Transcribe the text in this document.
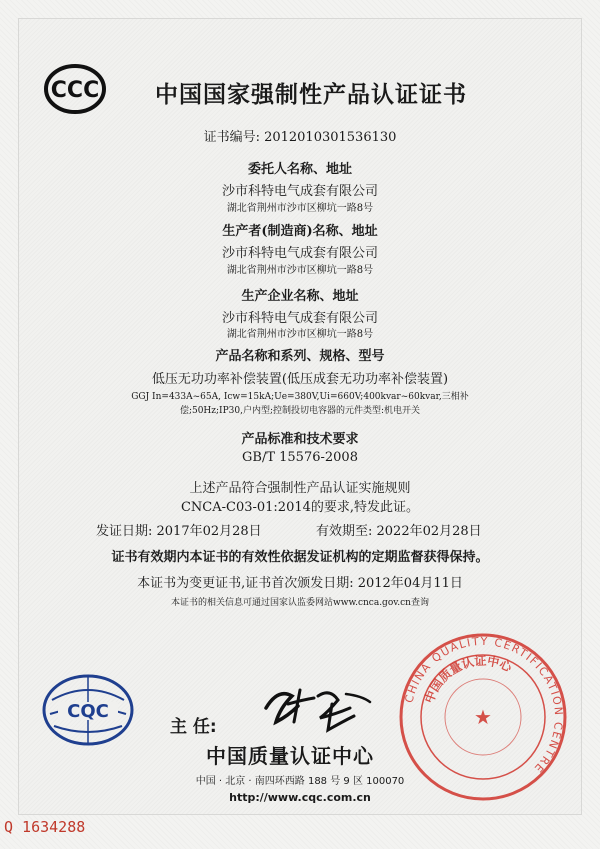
CCC 中国国家强制性产品认证证书
证书编号: 2012010301536130
委托人名称、地址
沙市科特电气成套有限公司
湖北省荆州市沙市区柳坑一路8号
生产者(制造商)名称、地址
沙市科特电气成套有限公司
湖北省荆州市沙市区柳坑一路8号
生产企业名称、地址
沙市科特电气成套有限公司
湖北省荆州市沙市区柳坑一路8号
产品名称和系列、规格、型号
低压无功功率补偿装置(低压成套无功功率补偿装置)
GGJ In=433A~65A, Icw=15kA;Ue=380V,Ui=660V;400kvar~60kvar,三相补
偿;50Hz;IP30,户内型;控制投切电容器的元件类型:机电开关
产品标准和技术要求
GB/T 15576-2008
上述产品符合强制性产品认证实施规则
CNCA-C03-01:2014的要求,特发此证。
发证日期: 2017年02月28日	有效期至: 2022年02月28日
证书有效期内本证书的有效性依据发证机构的定期监督获得保持。
本证书为变更证书,证书首次颁发日期: 2012年04月11日
本证书的相关信息可通过国家认监委网站www.cnca.gov.cn查询
CQC
主 任:
中国质量认证中心
中国 · 北京 · 南四环西路 188 号 9 区 100070
http://www.cqc.com.cn
CHINA QUALITY CERTIFICATION CENTRE
中国质量认证中心
★
Q 1634288
